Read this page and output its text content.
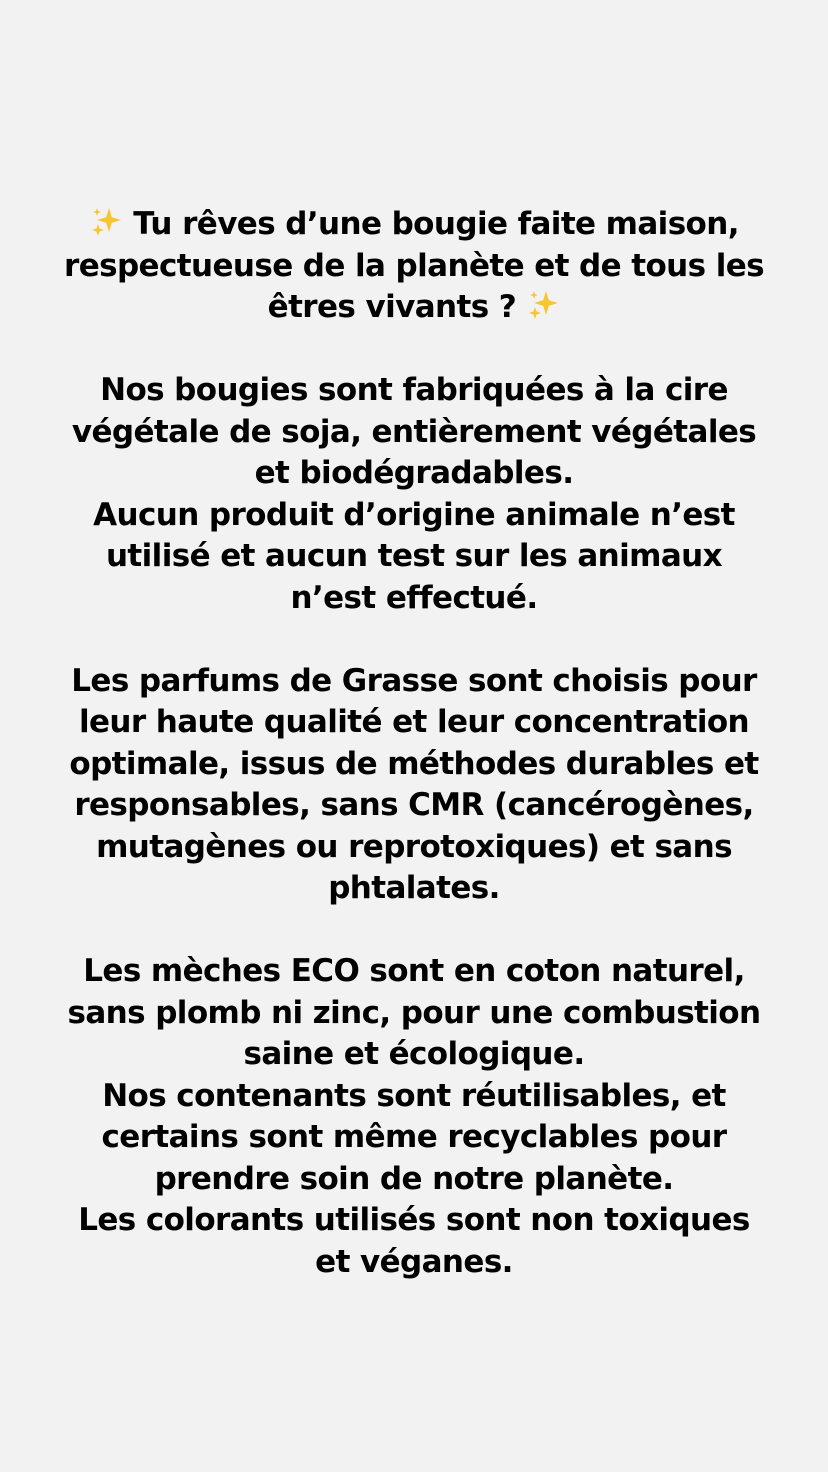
Tu rêves d’une bougie faite maison,
respectueuse de la planète et de tous les
êtres vivants ?
Nos bougies sont fabriquées à la cire
végétale de soja, entièrement végétales
et biodégradables.
Aucun produit d’origine animale n’est
utilisé et aucun test sur les animaux
n’est effectué.
Les parfums de Grasse sont choisis pour
leur haute qualité et leur concentration
optimale, issus de méthodes durables et
responsables, sans CMR (cancérogènes,
mutagènes ou reprotoxiques) et sans
phtalates.
Les mèches ECO sont en coton naturel,
sans plomb ni zinc, pour une combustion
saine et écologique.
Nos contenants sont réutilisables, et
certains sont même recyclables pour
prendre soin de notre planète.
Les colorants utilisés sont non toxiques
et véganes.
